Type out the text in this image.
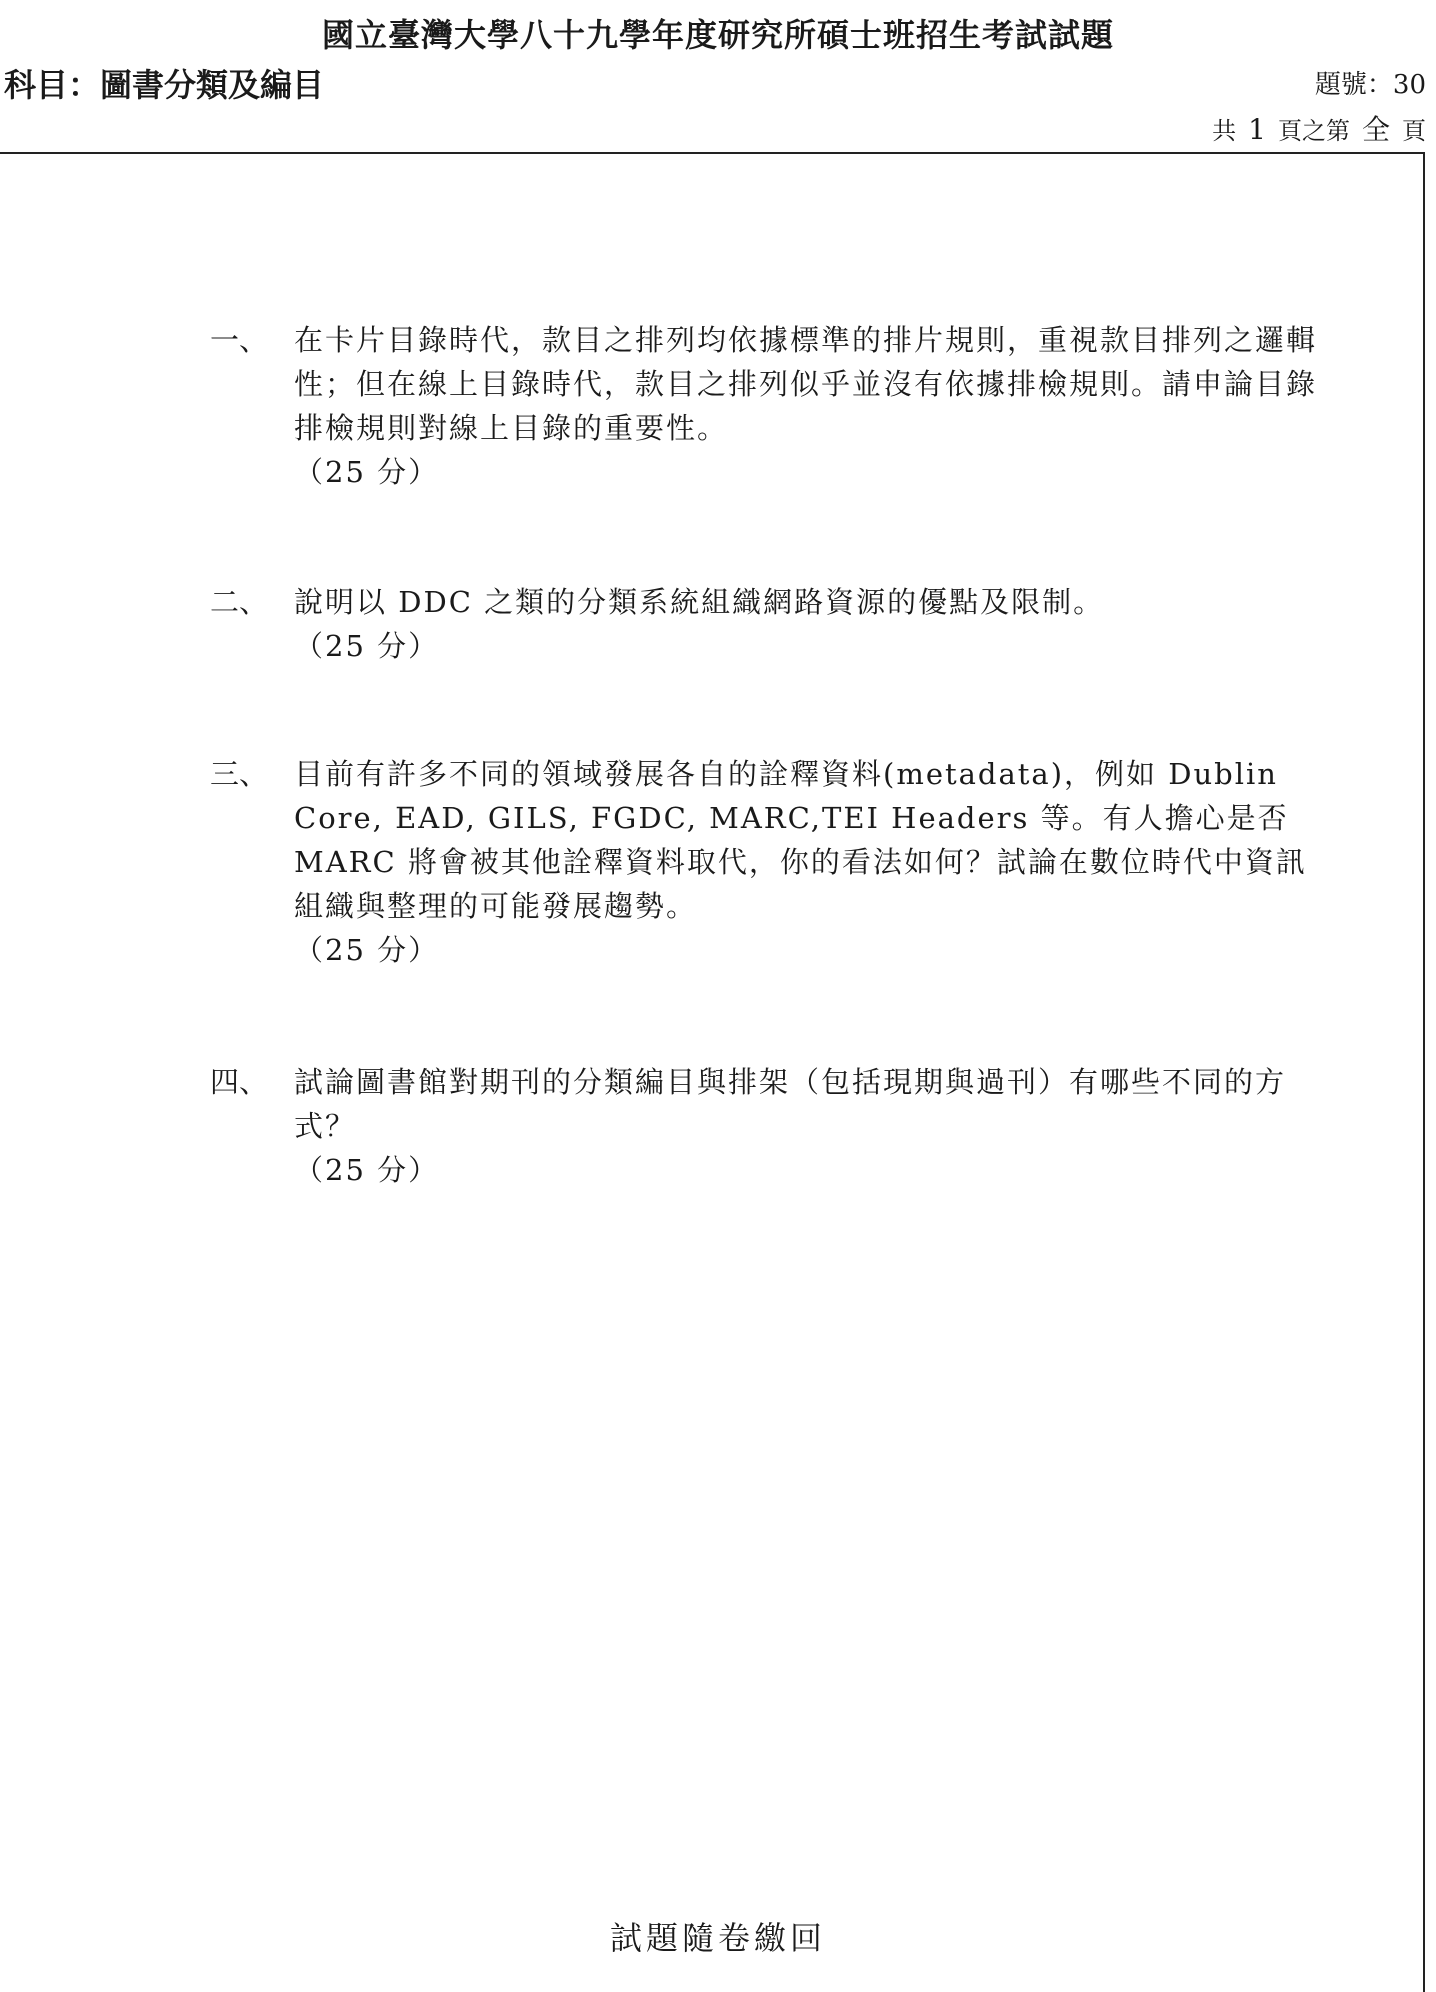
國立臺灣大學八十九學年度研究所碩士班招生考試試題
科目：圖書分類及編目	題號：30
共 1 頁之第 全 頁
一、 在卡片目錄時代，款目之排列均依據標準的排片規則，重視款目排列之邏輯性；但在線上目錄時代，款目之排列似乎並沒有依據排檢規則。請申論目錄排檢規則對線上目錄的重要性。

（25 分）

二、 說明以 DDC 之類的分類系統組織網路資源的優點及限制。

（25 分）

三、 目前有許多不同的領域發展各自的詮釋資料(metadata)，例如 Dublin Core, EAD, GILS, FGDC, MARC,TEI Headers 等。有人擔心是否 MARC 將會被其他詮釋資料取代，你的看法如何？試論在數位時代中資訊組織與整理的可能發展趨勢。

（25 分）

四、 試論圖書館對期刊的分類編目與排架（包括現期與過刊）有哪些不同的方式？

（25 分）

試題隨卷繳回
